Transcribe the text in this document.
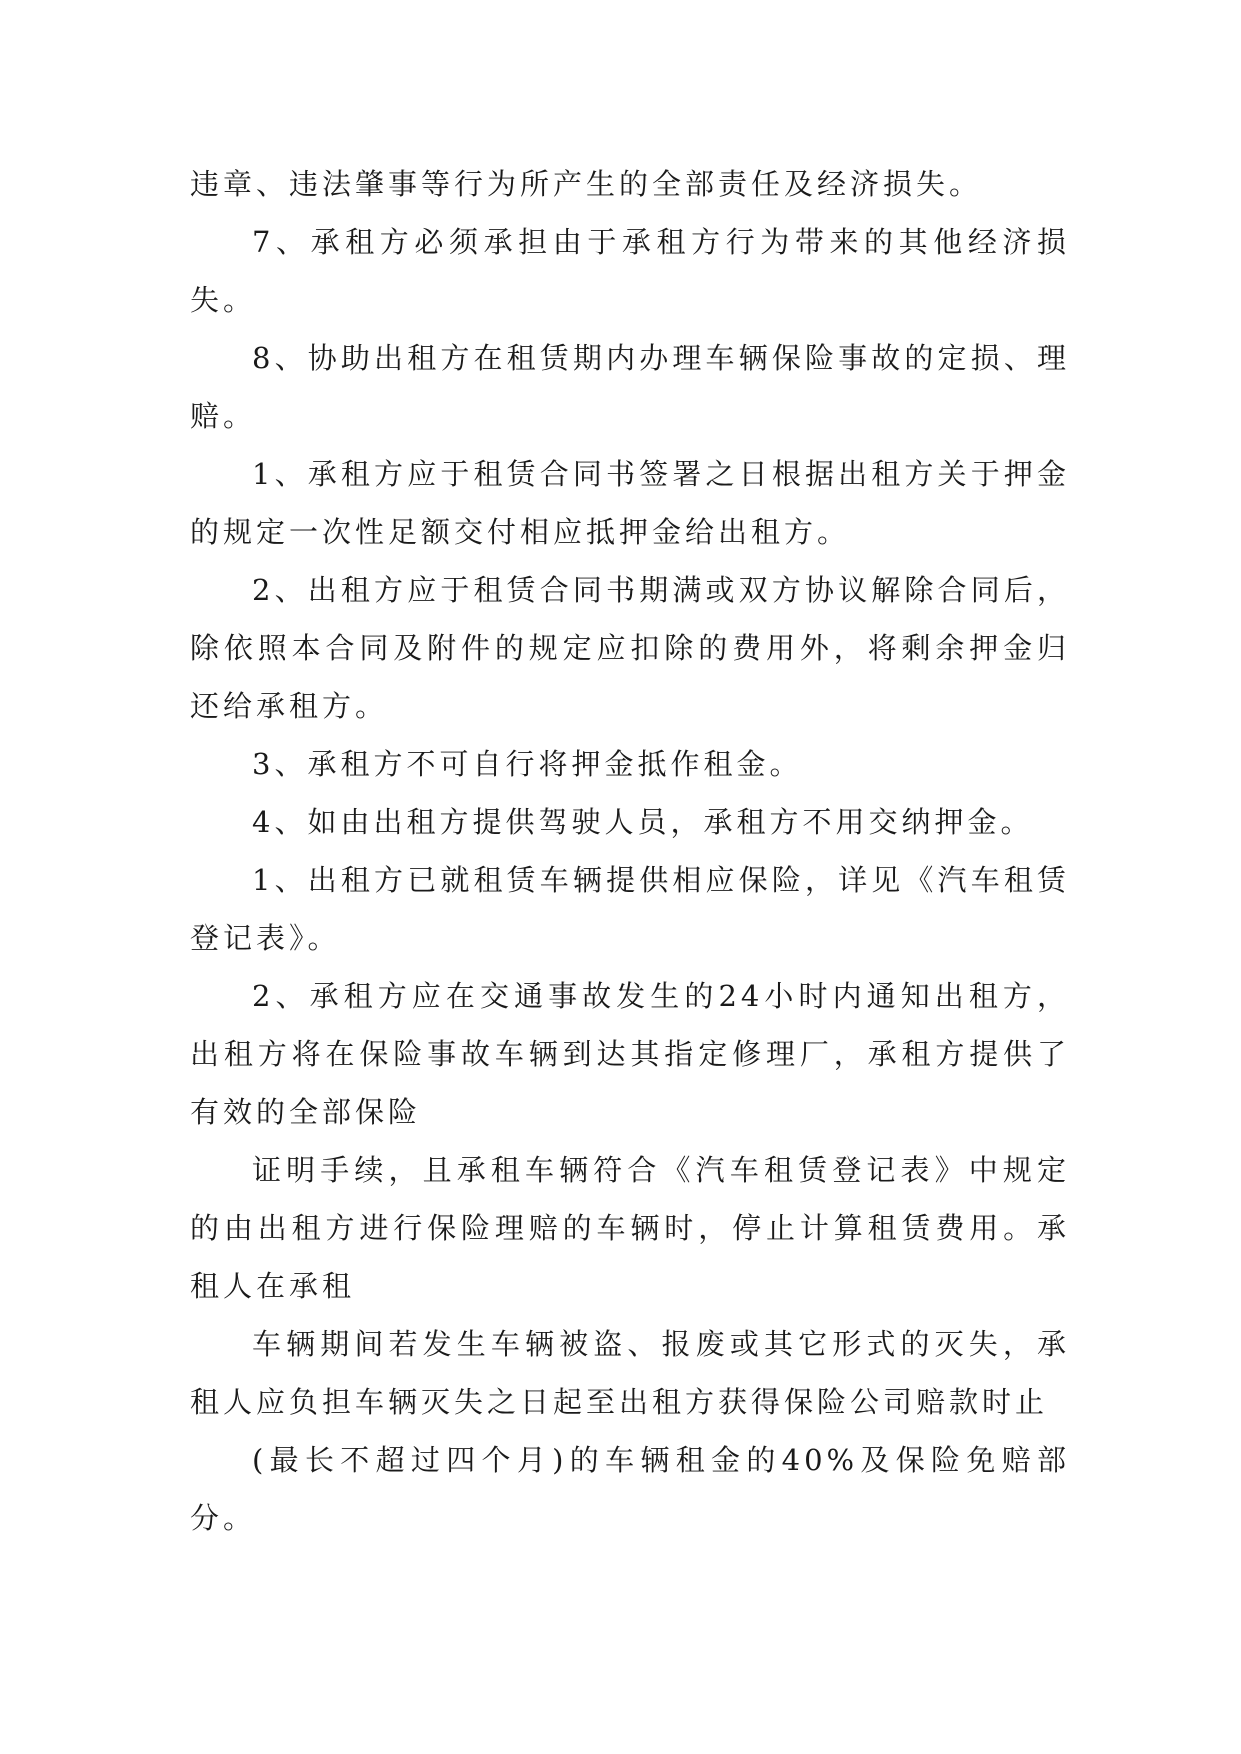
违章、违法肇事等行为所产生的全部责任及经济损失。

7、承租方必须承担由于承租方行为带来的其他经济损失。

8、协助出租方在租赁期内办理车辆保险事故的定损、理赔。

1、承租方应于租赁合同书签署之日根据出租方关于押金的规定一次性足额交付相应抵押金给出租方。

2、出租方应于租赁合同书期满或双方协议解除合同后，除依照本合同及附件的规定应扣除的费用外，将剩余押金归还给承租方。

3、承租方不可自行将押金抵作租金。

4、如由出租方提供驾驶人员，承租方不用交纳押金。

1、出租方已就租赁车辆提供相应保险，详见《汽车租赁登记表》。

2、承租方应在交通事故发生的24小时内通知出租方，出租方将在保险事故车辆到达其指定修理厂，承租方提供了有效的全部保险

证明手续，且承租车辆符合《汽车租赁登记表》中规定的由出租方进行保险理赔的车辆时，停止计算租赁费用。承租人在承租

车辆期间若发生车辆被盗、报废或其它形式的灭失，承租人应负担车辆灭失之日起至出租方获得保险公司赔款时止

(最长不超过四个月)的车辆租金的40%及保险免赔部分。
